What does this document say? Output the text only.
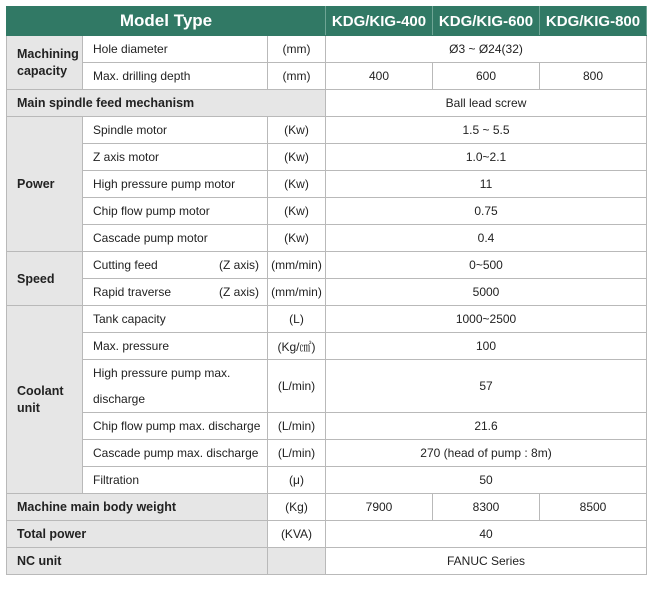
Model Type			KDG/KIG-400	KDG/KIG-600	KDG/KIG-800
Machining capacity	Hole diameter	(mm)	Ø3 ~ Ø24(32)		
	Max. drilling depth	(mm)	400	600	800
Main spindle feed mechanism			Ball lead screw		
Power	Spindle motor	(Kw)	1.5 ~ 5.5		
	Z axis motor	(Kw)	1.0~2.1		
	High pressure pump motor	(Kw)	11		
	Chip flow pump motor	(Kw)	0.75		
	Cascade pump motor	(Kw)	0.4		
Speed	Cutting feed (Z axis)	(mm/min)	0~500		
	Rapid traverse (Z axis)	(mm/min)	5000		
Coolant unit	Tank capacity	(L)	1000~2500		
	Max. pressure	(Kg/㎠)	100		
	High pressure pump max. discharge	(L/min)	57		
	Chip flow pump max. discharge	(L/min)	21.6		
	Cascade pump max. discharge	(L/min)	270 (head of pump : 8m)		
	Filtration	(μ)	50		
Machine main body weight		(Kg)	7900	8300	8500
Total power		(KVA)	40		
NC unit			FANUC Series		
